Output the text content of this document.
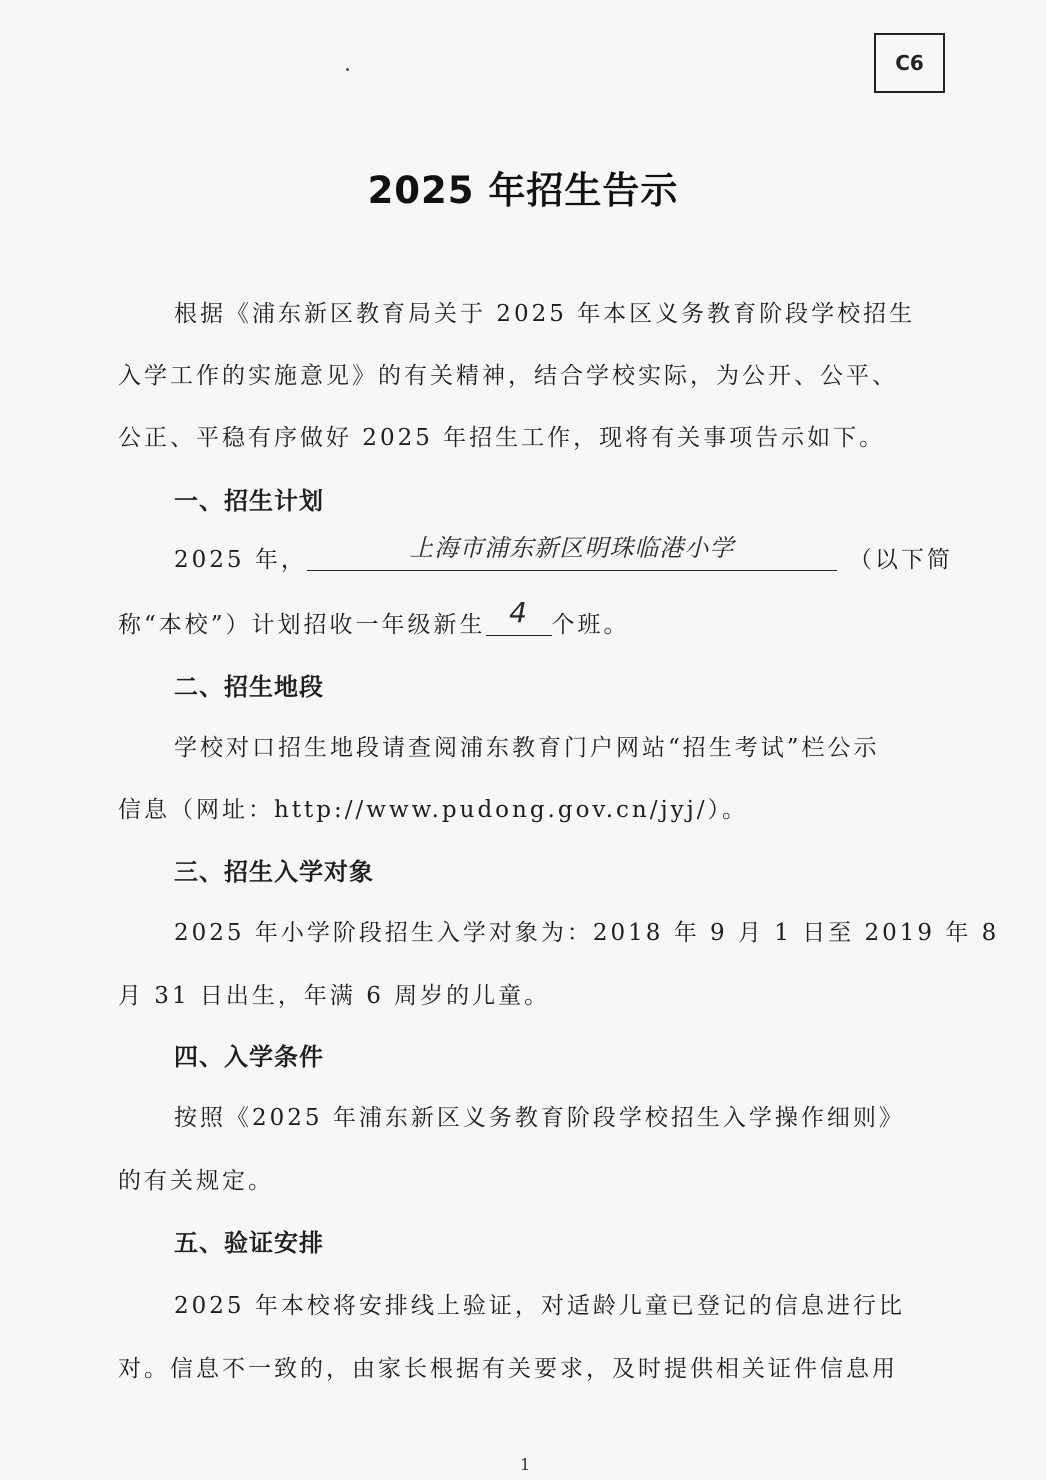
C6
2025 年招生告示
根据《浦东新区教育局关于 2025 年本区义务教育阶段学校招生
入学工作的实施意见》的有关精神，结合学校实际，为公开、公平、
公正、平稳有序做好 2025 年招生工作，现将有关事项告示如下。
一、招生计划
2025 年，	上海市浦东新区明珠临港小学	（以下简
称“本校”）计划招收一年级新生 4	个班。
二、招生地段
学校对口招生地段请查阅浦东教育门户网站“招生考试”栏公示
信息（网址：http://www.pudong.gov.cn/jyj/）。
三、招生入学对象
2025 年小学阶段招生入学对象为：2018 年 9 月 1 日至 2019 年 8
月 31 日出生，年满 6 周岁的儿童。
四、入学条件
按照《2025 年浦东新区义务教育阶段学校招生入学操作细则》
的有关规定。
五、验证安排
2025 年本校将安排线上验证，对适龄儿童已登记的信息进行比
对。信息不一致的，由家长根据有关要求，及时提供相关证件信息用
1
